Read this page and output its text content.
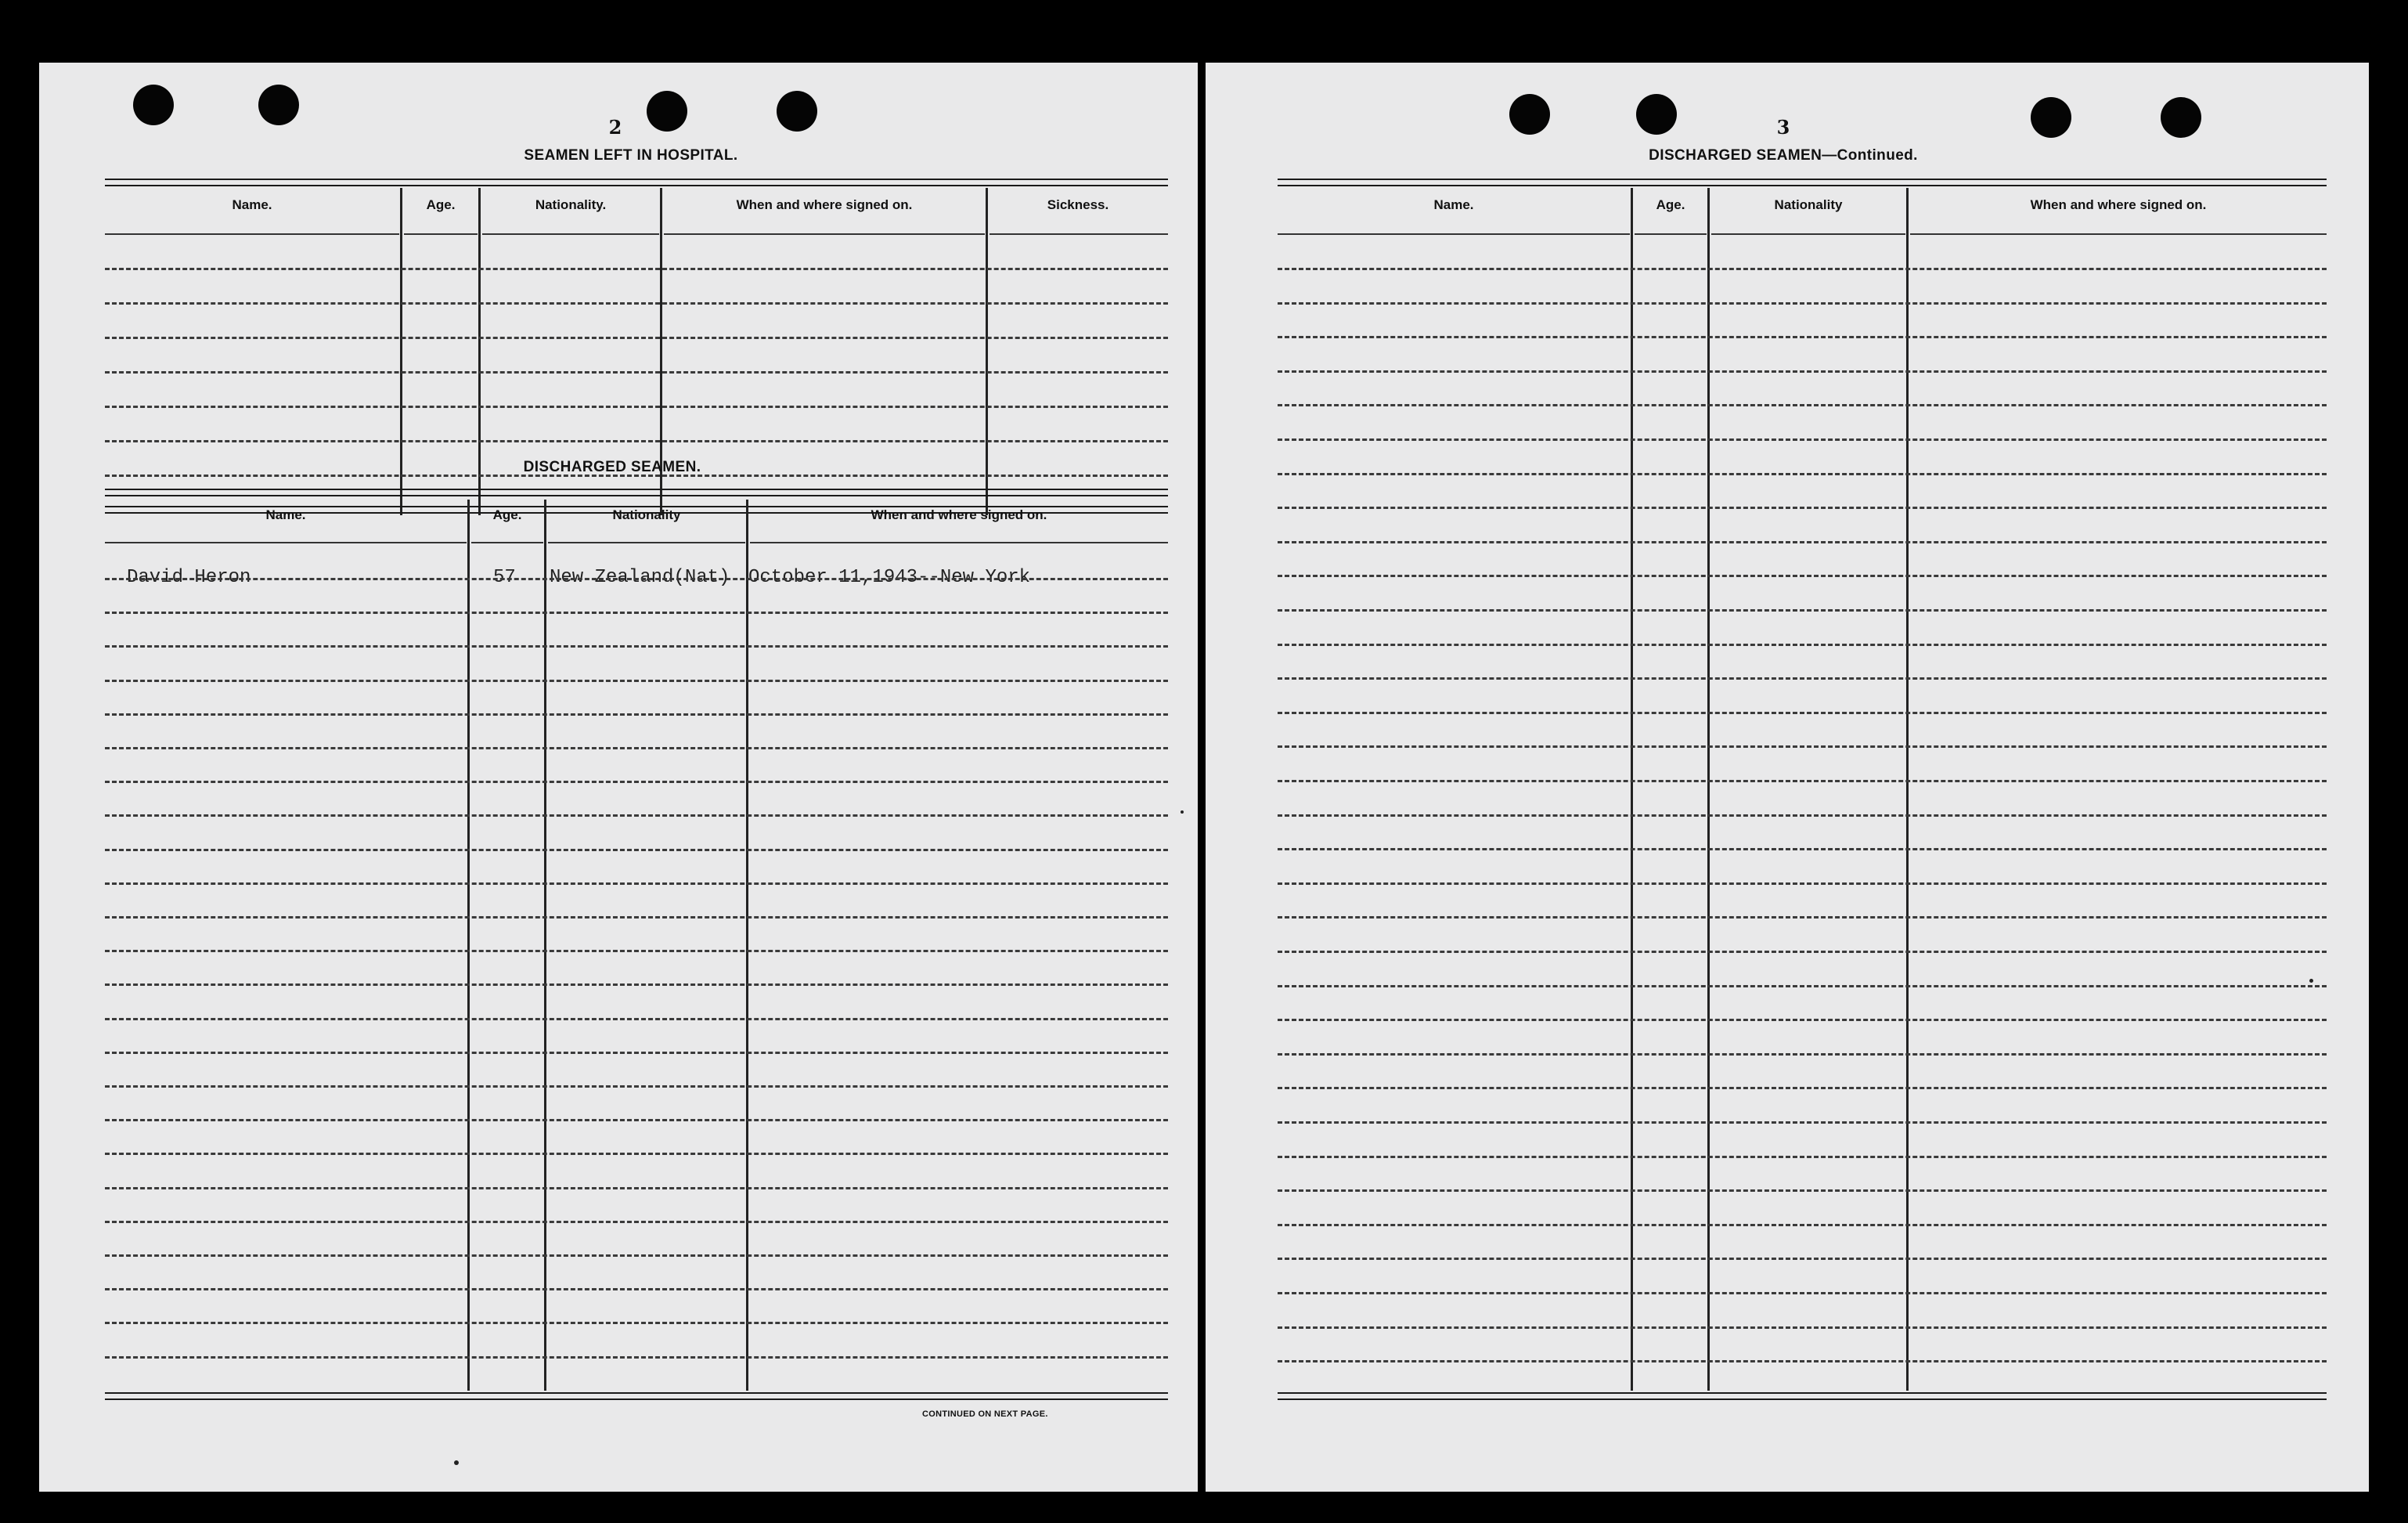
2
SEAMEN LEFT IN HOSPITAL.
Name.	Age.	Nationality.	When and where signed on.	Sickness.
DISCHARGED SEAMEN.
Name.	Age.	Nationality	When and where signed on.
David Heron	57 New Zealand(Nat) October 11,1943--New York
CONTINUED ON NEXT PAGE.
3
DISCHARGED SEAMEN—Continued.
Name.	Age.	Nationality	When and where signed on.
